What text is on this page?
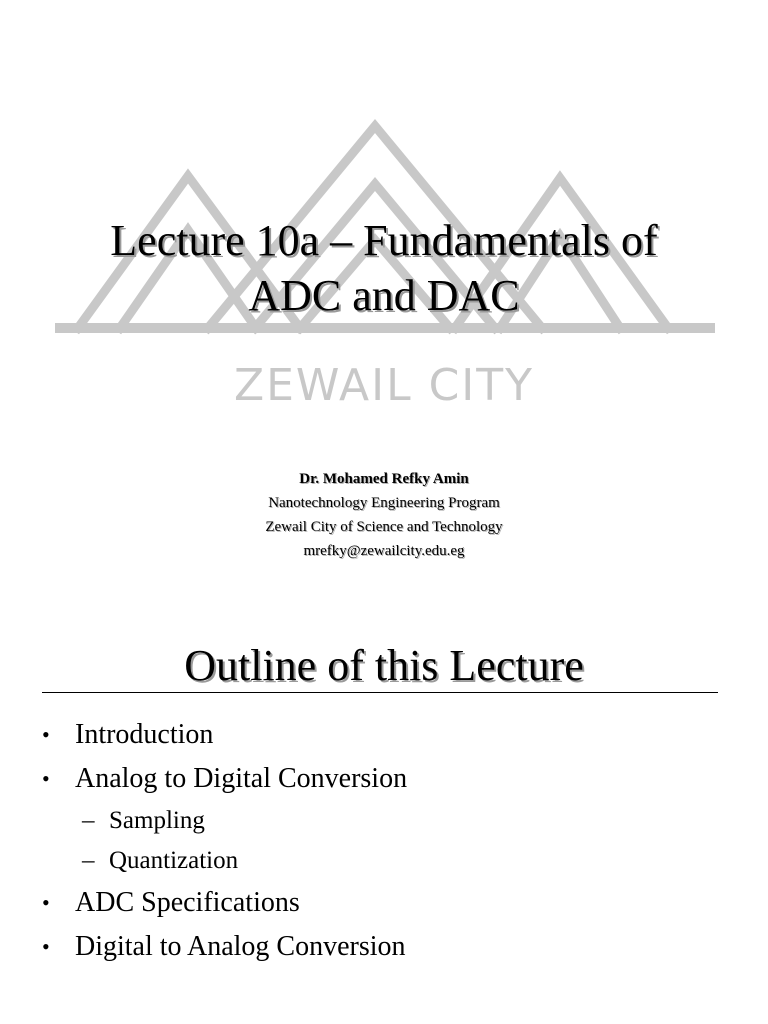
ZEWAIL CITY
Lecture 10a – Fundamentals of
ADC and DAC
Dr. Mohamed Refky Amin
Nanotechnology Engineering Program
Zewail City of Science and Technology
mrefky@zewailcity.edu.eg
Outline of this Lecture
• Introduction
• Analog to Digital Conversion
– Sampling
– Quantization
• ADC Specifications
• Digital to Analog Conversion
